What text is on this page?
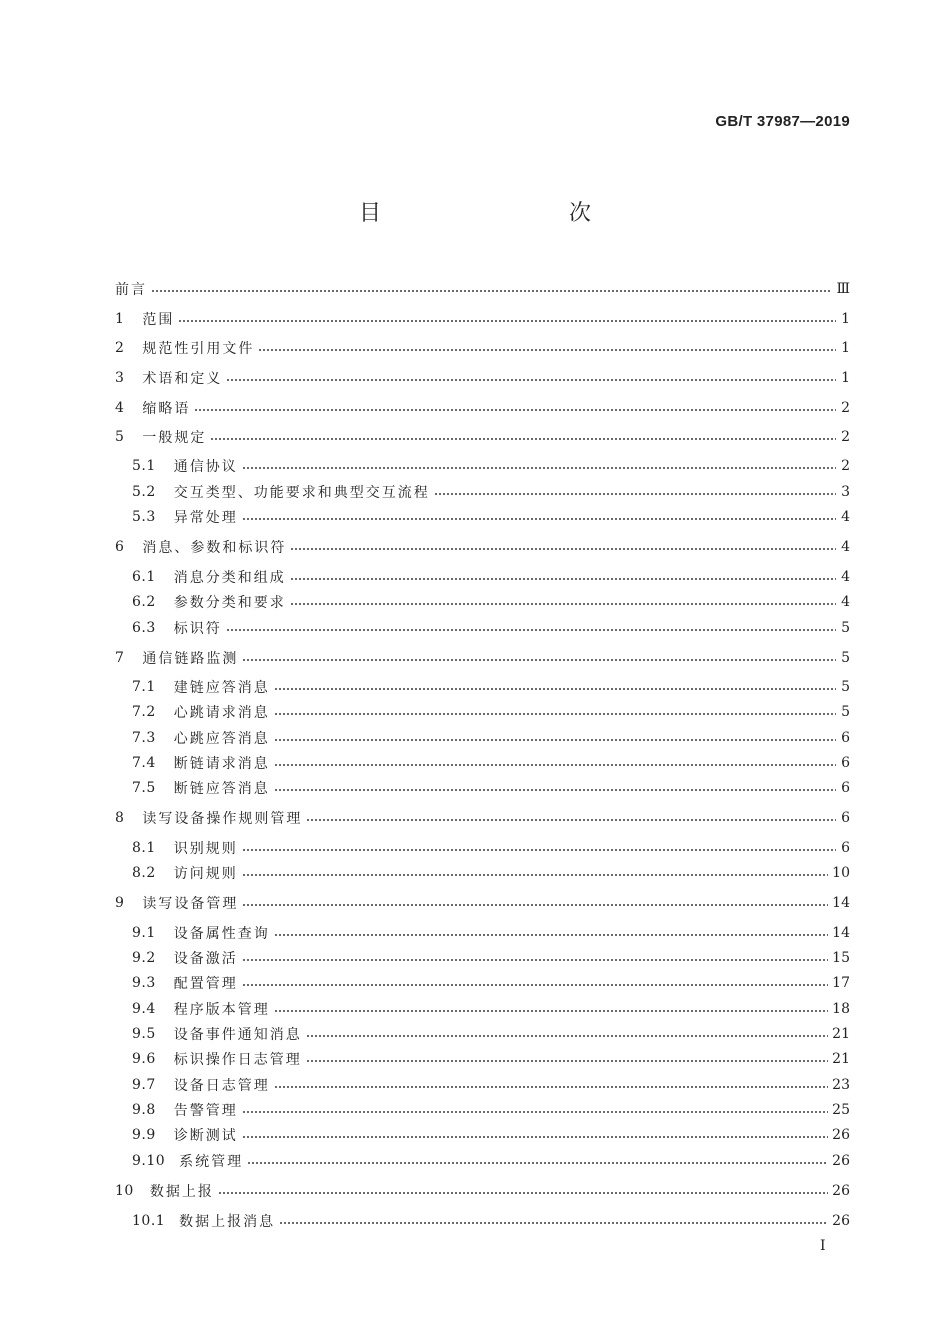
GB/T 37987—2019
目　　次
前言	Ⅲ
1 范围	1
2 规范性引用文件	1
3 术语和定义	1
4 缩略语	2
5 一般规定	2
5.1 通信协议	2
5.2 交互类型、功能要求和典型交互流程	3
5.3 异常处理	4
6 消息、参数和标识符	4
6.1 消息分类和组成	4
6.2 参数分类和要求	4
6.3 标识符	5
7 通信链路监测	5
7.1 建链应答消息	5
7.2 心跳请求消息	5
7.3 心跳应答消息	6
7.4 断链请求消息	6
7.5 断链应答消息	6
8 读写设备操作规则管理	6
8.1 识别规则	6
8.2 访问规则	10
9 读写设备管理	14
9.1 设备属性查询	14
9.2 设备激活	15
9.3 配置管理	17
9.4 程序版本管理	18
9.5 设备事件通知消息	21
9.6 标识操作日志管理	21
9.7 设备日志管理	23
9.8 告警管理	25
9.9 诊断测试	26
9.10 系统管理	26
10 数据上报	26
10.1 数据上报消息	26
Ⅰ
